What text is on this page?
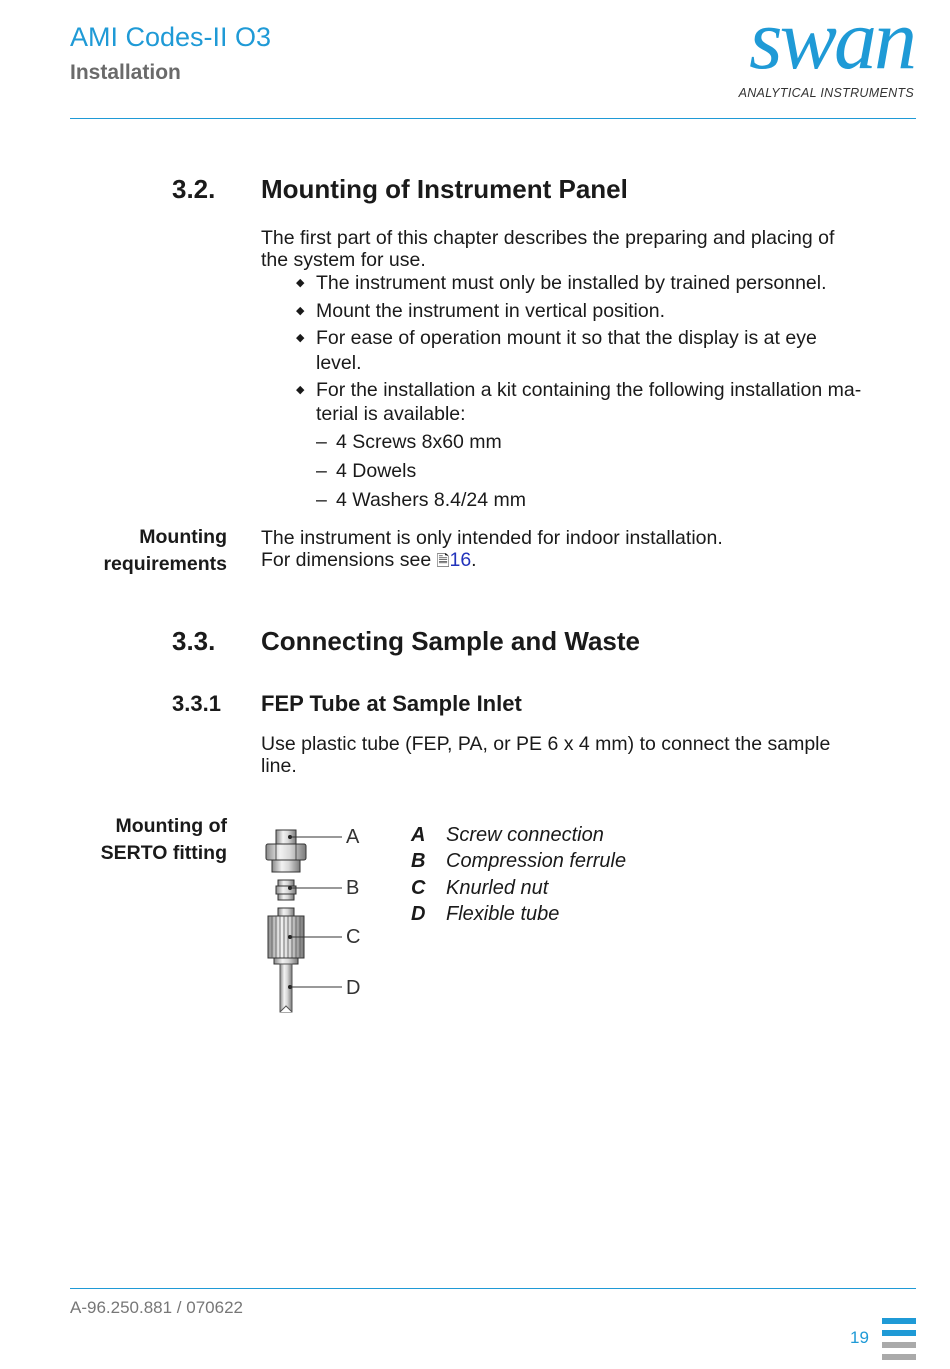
AMI Codes-II O3
Installation	swan
ANALYTICAL INSTRUMENTS
3.2. Mounting of Instrument Panel
The first part of this chapter describes the preparing and placing of
the system for use.
◆ The instrument must only be installed by trained personnel.
◆ Mount the instrument in vertical position.
◆ For ease of operation mount it so that the display is at eye
level.
◆ For the installation a kit containing the following installation ma-
terial is available:
– 4 Screws 8x60 mm
– 4 Dowels
– 4 Washers 8.4/24 mm
Mounting
requirements
The instrument is only intended for indoor installation.
For dimensions see 🗎16.
3.3. Connecting Sample and Waste
3.3.1 FEP Tube at Sample Inlet
Use plastic tube (FEP, PA, or PE 6 x 4 mm) to connect the sample
line.
Mounting of
SERTO fitting
A
B
C
D
A Screw connection
B Compression ferrule
C Knurled nut
D Flexible tube
A-96.250.881 / 070622
19
